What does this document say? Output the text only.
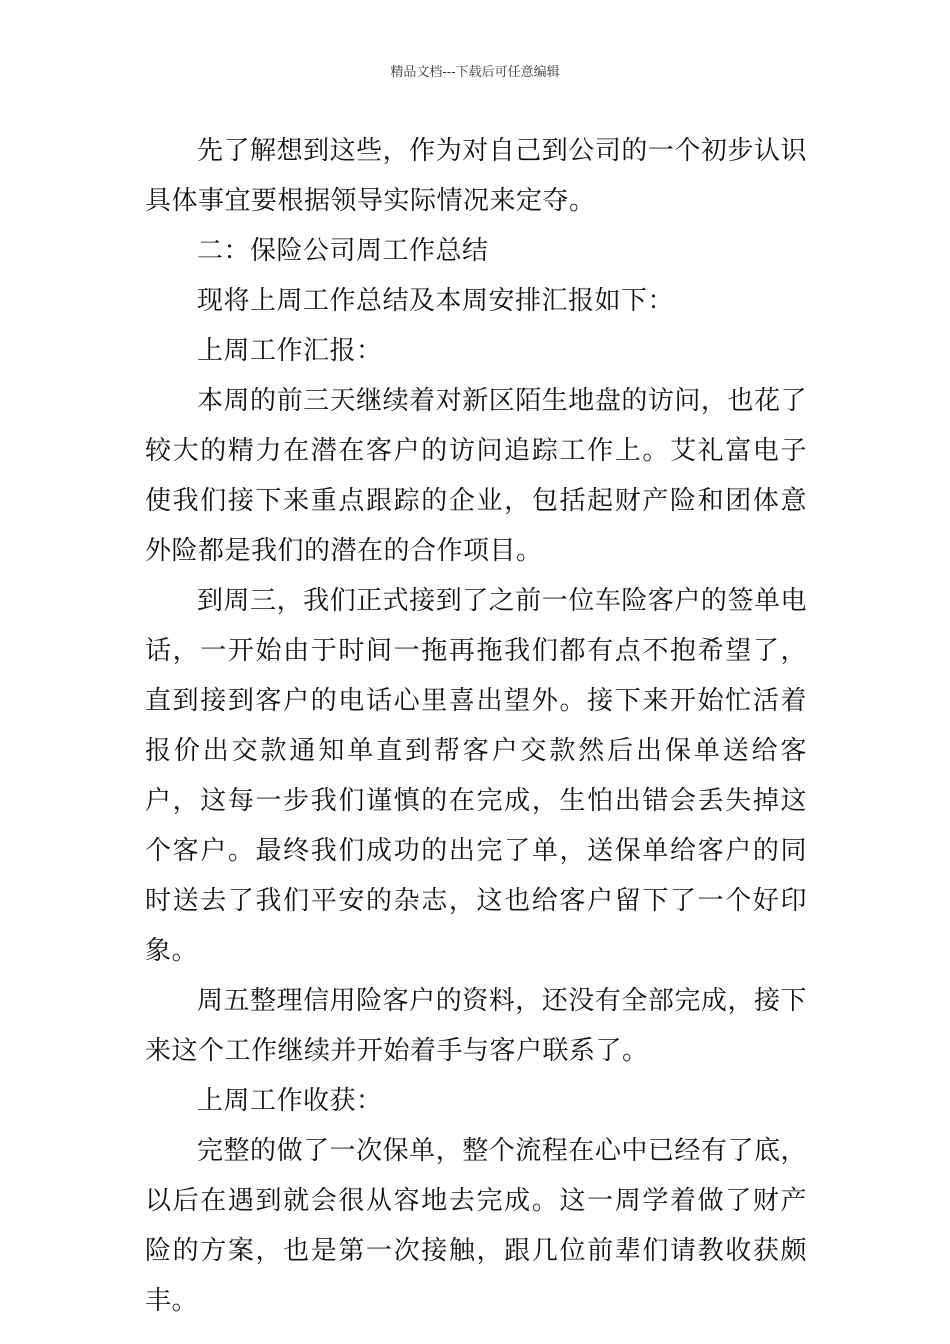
精品文档---下载后可任意编辑

先了解想到这些，作为对自己到公司的一个初步认识具体事宜要根据领导实际情况来定夺。

二：保险公司周工作总结

现将上周工作总结及本周安排汇报如下：

上周工作汇报：

本周的前三天继续着对新区陌生地盘的访问，也花了较大的精力在潜在客户的访问追踪工作上。艾礼富电子使我们接下来重点跟踪的企业，包括起财产险和团体意外险都是我们的潜在的合作项目。

到周三，我们正式接到了之前一位车险客户的签单电话，一开始由于时间一拖再拖我们都有点不抱希望了，直到接到客户的电话心里喜出望外。接下来开始忙活着报价出交款通知单直到帮客户交款然后出保单送给客户，这每一步我们谨慎的在完成，生怕出错会丢失掉这个客户。最终我们成功的出完了单，送保单给客户的同时送去了我们平安的杂志，这也给客户留下了一个好印象。

周五整理信用险客户的资料，还没有全部完成，接下来这个工作继续并开始着手与客户联系了。

上周工作收获：

完整的做了一次保单，整个流程在心中已经有了底，以后在遇到就会很从容地去完成。这一周学着做了财产险的方案，也是第一次接触，跟几位前辈们请教收获颇丰。
